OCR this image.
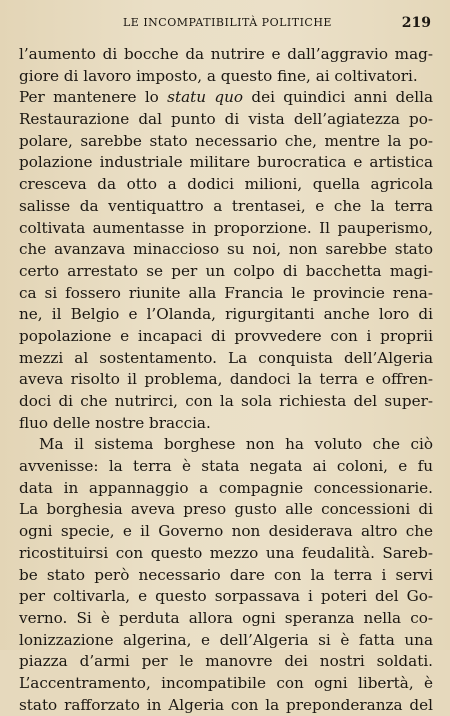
LE INCOMPATIBILITÀ POLITICHE	219
l’aumento di bocche da nutrire e dall’aggravio mag-
giore di lavoro imposto, a questo fine, ai coltivatori.
Per mantenere lo statu quo dei quindici anni della
Restaurazione dal punto di vista dell’agiatezza po-
polare, sarebbe stato necessario che, mentre la po-
polazione industriale militare burocratica e artistica
cresceva da otto a dodici milioni, quella agricola
salisse da ventiquattro a trentasei, e che la terra
coltivata aumentasse in proporzione. Il pauperismo,
che avanzava minaccioso su noi, non sarebbe stato
certo arrestato se per un colpo di bacchetta magi-
ca si fossero riunite alla Francia le provincie rena-
ne, il Belgio e l’Olanda, rigurgitanti anche loro di
popolazione e incapaci di provvedere con i proprii
mezzi al sostentamento. La conquista dell’Algeria
aveva risolto il problema, dandoci la terra e offren-
doci di che nutrirci, con la sola richiesta del super-
fluo delle nostre braccia.
Ma il sistema borghese non ha voluto che ciò
avvenisse: la terra è stata negata ai coloni, e fu
data in appannaggio a compagnie concessionarie.
La borghesia aveva preso gusto alle concessioni di
ogni specie, e il Governo non desiderava altro che
ricostituirsi con questo mezzo una feudalità. Sareb-
be stato però necessario dare con la terra i servi
per coltivarla, e questo sorpassava i poteri del Go-
verno. Si è perduta allora ogni speranza nella co-
lonizzazione algerina, e dell’Algeria si è fatta una
piazza d’armi per le manovre dei nostri soldati.
L’accentramento, incompatibile con ogni libertà, è
stato rafforzato in Algeria con la preponderanza del
